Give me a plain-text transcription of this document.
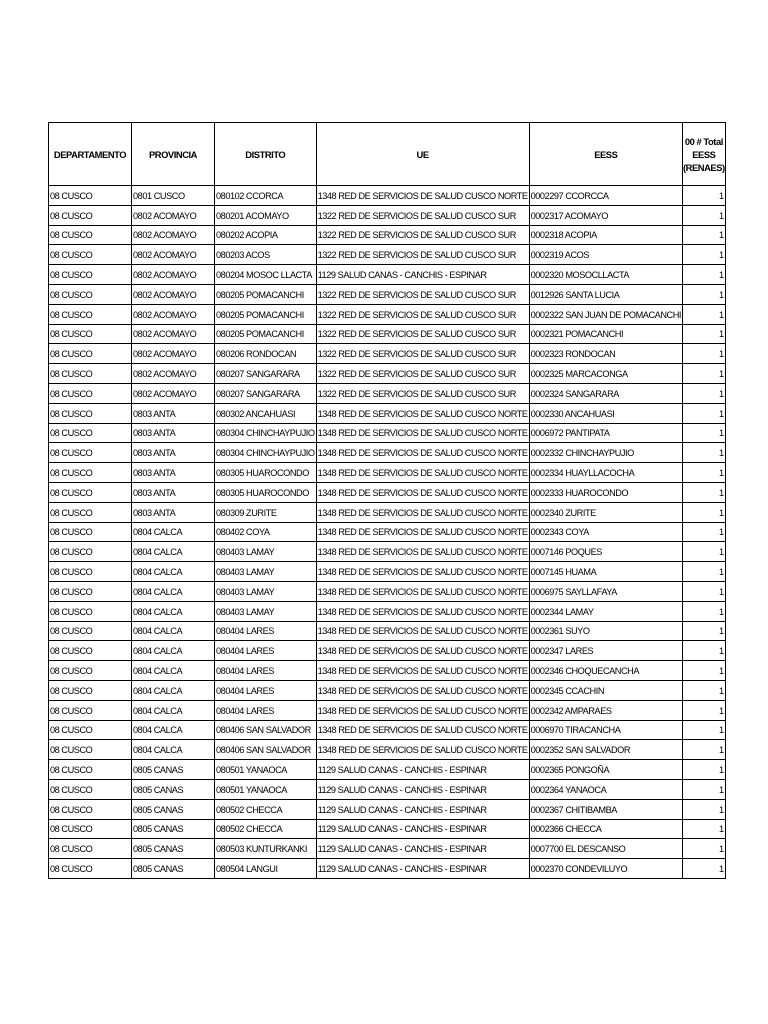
DEPARTAMENTO	PROVINCIA	DISTRITO	UE	EESS	00 # Total EESS (RENAES)
08 CUSCO	0801 CUSCO	080102 CCORCA	1348 RED DE SERVICIOS DE SALUD CUSCO NORTE	0002297 CCORCCA	1
08 CUSCO	0802 ACOMAYO	080201 ACOMAYO	1322 RED DE SERVICIOS DE SALUD CUSCO SUR	0002317 ACOMAYO	1
08 CUSCO	0802 ACOMAYO	080202 ACOPIA	1322 RED DE SERVICIOS DE SALUD CUSCO SUR	0002318 ACOPIA	1
08 CUSCO	0802 ACOMAYO	080203 ACOS	1322 RED DE SERVICIOS DE SALUD CUSCO SUR	0002319 ACOS	1
08 CUSCO	0802 ACOMAYO	080204 MOSOC LLACTA	1129 SALUD CANAS - CANCHIS - ESPINAR	0002320 MOSOCLLACTA	1
08 CUSCO	0802 ACOMAYO	080205 POMACANCHI	1322 RED DE SERVICIOS DE SALUD CUSCO SUR	0012926 SANTA LUCIA	1
08 CUSCO	0802 ACOMAYO	080205 POMACANCHI	1322 RED DE SERVICIOS DE SALUD CUSCO SUR	0002322 SAN JUAN DE POMACANCHI	1
08 CUSCO	0802 ACOMAYO	080205 POMACANCHI	1322 RED DE SERVICIOS DE SALUD CUSCO SUR	0002321 POMACANCHI	1
08 CUSCO	0802 ACOMAYO	080206 RONDOCAN	1322 RED DE SERVICIOS DE SALUD CUSCO SUR	0002323 RONDOCAN	1
08 CUSCO	0802 ACOMAYO	080207 SANGARARA	1322 RED DE SERVICIOS DE SALUD CUSCO SUR	0002325 MARCACONGA	1
08 CUSCO	0802 ACOMAYO	080207 SANGARARA	1322 RED DE SERVICIOS DE SALUD CUSCO SUR	0002324 SANGARARA	1
08 CUSCO	0803 ANTA	080302 ANCAHUASI	1348 RED DE SERVICIOS DE SALUD CUSCO NORTE	0002330 ANCAHUASI	1
08 CUSCO	0803 ANTA	080304 CHINCHAYPUJIO	1348 RED DE SERVICIOS DE SALUD CUSCO NORTE	0006972 PANTIPATA	1
08 CUSCO	0803 ANTA	080304 CHINCHAYPUJIO	1348 RED DE SERVICIOS DE SALUD CUSCO NORTE	0002332 CHINCHAYPUJIO	1
08 CUSCO	0803 ANTA	080305 HUAROCONDO	1348 RED DE SERVICIOS DE SALUD CUSCO NORTE	0002334 HUAYLLACOCHA	1
08 CUSCO	0803 ANTA	080305 HUAROCONDO	1348 RED DE SERVICIOS DE SALUD CUSCO NORTE	0002333 HUAROCONDO	1
08 CUSCO	0803 ANTA	080309 ZURITE	1348 RED DE SERVICIOS DE SALUD CUSCO NORTE	0002340 ZURITE	1
08 CUSCO	0804 CALCA	080402 COYA	1348 RED DE SERVICIOS DE SALUD CUSCO NORTE	0002343 COYA	1
08 CUSCO	0804 CALCA	080403 LAMAY	1348 RED DE SERVICIOS DE SALUD CUSCO NORTE	0007146 POQUES	1
08 CUSCO	0804 CALCA	080403 LAMAY	1348 RED DE SERVICIOS DE SALUD CUSCO NORTE	0007145 HUAMA	1
08 CUSCO	0804 CALCA	080403 LAMAY	1348 RED DE SERVICIOS DE SALUD CUSCO NORTE	0006975 SAYLLAFAYA	1
08 CUSCO	0804 CALCA	080403 LAMAY	1348 RED DE SERVICIOS DE SALUD CUSCO NORTE	0002344 LAMAY	1
08 CUSCO	0804 CALCA	080404 LARES	1348 RED DE SERVICIOS DE SALUD CUSCO NORTE	0002361 SUYO	1
08 CUSCO	0804 CALCA	080404 LARES	1348 RED DE SERVICIOS DE SALUD CUSCO NORTE	0002347 LARES	1
08 CUSCO	0804 CALCA	080404 LARES	1348 RED DE SERVICIOS DE SALUD CUSCO NORTE	0002346 CHOQUECANCHA	1
08 CUSCO	0804 CALCA	080404 LARES	1348 RED DE SERVICIOS DE SALUD CUSCO NORTE	0002345 CCACHIN	1
08 CUSCO	0804 CALCA	080404 LARES	1348 RED DE SERVICIOS DE SALUD CUSCO NORTE	0002342 AMPARAES	1
08 CUSCO	0804 CALCA	080406 SAN SALVADOR	1348 RED DE SERVICIOS DE SALUD CUSCO NORTE	0006970 TIRACANCHA	1
08 CUSCO	0804 CALCA	080406 SAN SALVADOR	1348 RED DE SERVICIOS DE SALUD CUSCO NORTE	0002352 SAN SALVADOR	1
08 CUSCO	0805 CANAS	080501 YANAOCA	1129 SALUD CANAS - CANCHIS - ESPINAR	0002365 PONGOÑA	1
08 CUSCO	0805 CANAS	080501 YANAOCA	1129 SALUD CANAS - CANCHIS - ESPINAR	0002364 YANAOCA	1
08 CUSCO	0805 CANAS	080502 CHECCA	1129 SALUD CANAS - CANCHIS - ESPINAR	0002367 CHITIBAMBA	1
08 CUSCO	0805 CANAS	080502 CHECCA	1129 SALUD CANAS - CANCHIS - ESPINAR	0002366 CHECCA	1
08 CUSCO	0805 CANAS	080503 KUNTURKANKI	1129 SALUD CANAS - CANCHIS - ESPINAR	0007700 EL DESCANSO	1
08 CUSCO	0805 CANAS	080504 LANGUI	1129 SALUD CANAS - CANCHIS - ESPINAR	0002370 CONDEVILUYO	1
